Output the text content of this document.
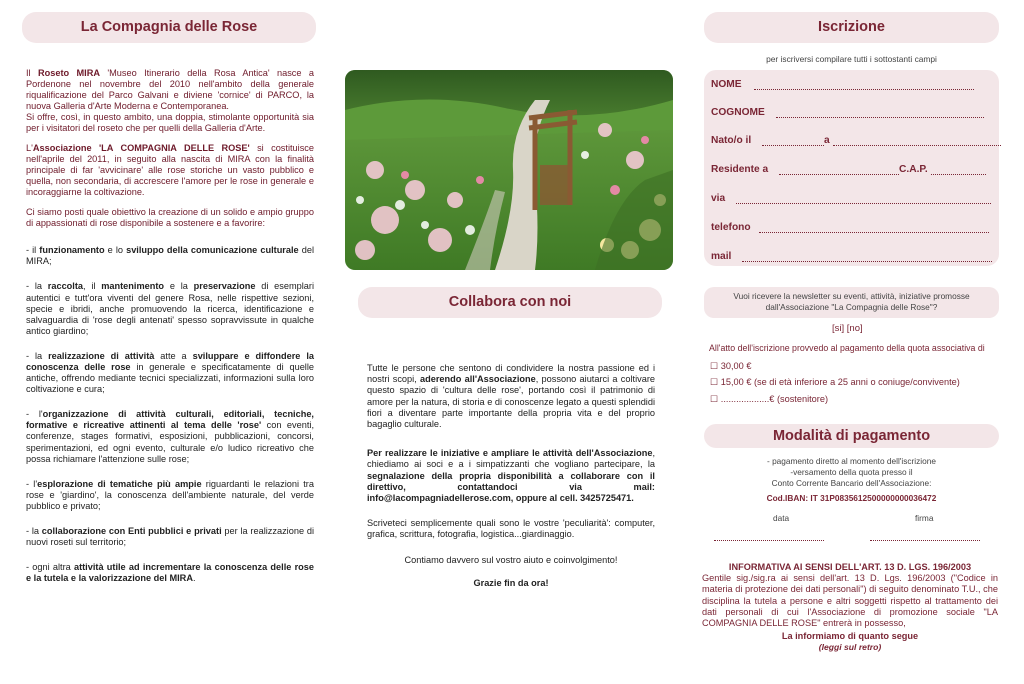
La Compagnia delle Rose

Il Roseto MIRA 'Museo Itinerario della Rosa Antica' nasce a Pordenone nel novembre del 2010 nell'ambito della generale riqualificazione del Parco Galvani e diviene 'cornice' di PARCO, la nuova Galleria d'Arte Moderna e Contemporanea.
Si offre, così, in questo ambito, una doppia, stimolante opportunità sia per i visitatori del roseto che per quelli della Galleria d'Arte.

L'Associazione 'LA COMPAGNIA DELLE ROSE' si costituisce nell'aprile del 2011, in seguito alla nascita di MIRA con la finalità principale di far 'avvicinare' alle rose storiche un vasto pubblico e quella, non secondaria, di accrescere l'amore per le rose in generale e incoraggiarne la coltivazione.

Ci siamo posti quale obiettivo la creazione di un solido e ampio gruppo di appassionati di rose disponibile a sostenere e a favorire:

- il funzionamento e lo sviluppo della comunicazione culturale del MIRA;

- la raccolta, il mantenimento e la preservazione di esemplari autentici e tutt'ora viventi del genere Rosa, nelle rispettive sezioni, specie e ibridi, anche promuovendo la ricerca, identificazione e salvaguardia di 'rose degli antenati' spesso sopravvissute in qualche antico giardino;

- la realizzazione di attività atte a sviluppare e diffondere la conoscenza delle rose in generale e specificatamente di quelle antiche, offrendo mediante tecnici specializzati, informazioni sulla loro coltivazione e cura;

- l'organizzazione di attività culturali, editoriali, tecniche, formative e ricreative attinenti al tema delle 'rose' con eventi, conferenze, stages formativi, esposizioni, pubblicazioni, concorsi, sperimentazioni, ed ogni evento, culturale e/o ludico ricreativo che possa richiamare l'attenzione sulle rose;

- l'esplorazione di tematiche più ampie riguardanti le relazioni tra rose e 'giardino', la conoscenza dell'ambiente naturale, del verde pubblico e privato;

- la collaborazione con Enti pubblici e privati per la realizzazione di nuovi roseti sul territorio;

- ogni altra attività utile ad incrementare la conoscenza delle rose e la tutela e la valorizzazione del MIRA.

Collabora con noi

Tutte le persone che sentono di condividere la nostra passione ed i nostri scopi, aderendo all'Associazione, possono aiutarci a coltivare questo spazio di 'cultura delle rose', portando così il patrimonio di amore per la natura, di storia e di conoscenze legato a questi splendidi fiori a diventare parte importante della propria vita e del proprio bagaglio culturale.

Per realizzare le iniziative e ampliare le attività dell'Associazione, chiediamo ai soci e a i simpatizzanti che vogliano partecipare, la segnalazione della propria disponibilità a collaborare con il direttivo, contattandoci via mail: info@lacompagniadellerose.com, oppure al cell. 3425725471.

Scriveteci semplicemente quali sono le vostre 'peculiarità': computer, grafica, scrittura, fotografia, logistica...giardinaggio.

Contiamo davvero sul vostro aiuto e coinvolgimento!

Grazie fin da ora!

Iscrizione
per iscriversi compilare tutti i sottostanti campi
NOME
COGNOME
Nato/o il	a
Residente a	C.A.P.
via
telefono
mail
Vuoi ricevere la newsletter su eventi, attività, iniziative promosse dall'Associazione "La Compagnia delle Rose"?
[si] [no]
All'atto dell'iscrizione provvedo al pagamento della quota associativa di
☐ 30,00 €
☐ 15,00 € (se di età inferiore a 25 anni o coniuge/convivente)
☐ ...................€ (sostenitore)
Modalità di pagamento
- pagamento diretto al momento dell'iscrizione
-versamento della quota presso il
Conto Corrente Bancario dell'Associazione:
Cod.IBAN: IT 31P0835612500000000036472
data	firma
INFORMATIVA AI SENSI DELL'ART. 13 D. LGS. 196/2003
Gentile sig./sig.ra ai sensi dell'art. 13 D. Lgs. 196/2003 ("Codice in materia di protezione dei dati personali") di seguito denominato T.U., che disciplina la tutela a persone e altri soggetti rispetto al trattamento dei dati personali di cui l'Associazione di promozione sociale "LA COMPAGNIA DELLE ROSE" entrerà in possesso,
La informiamo di quanto segue
(leggi sul retro)
